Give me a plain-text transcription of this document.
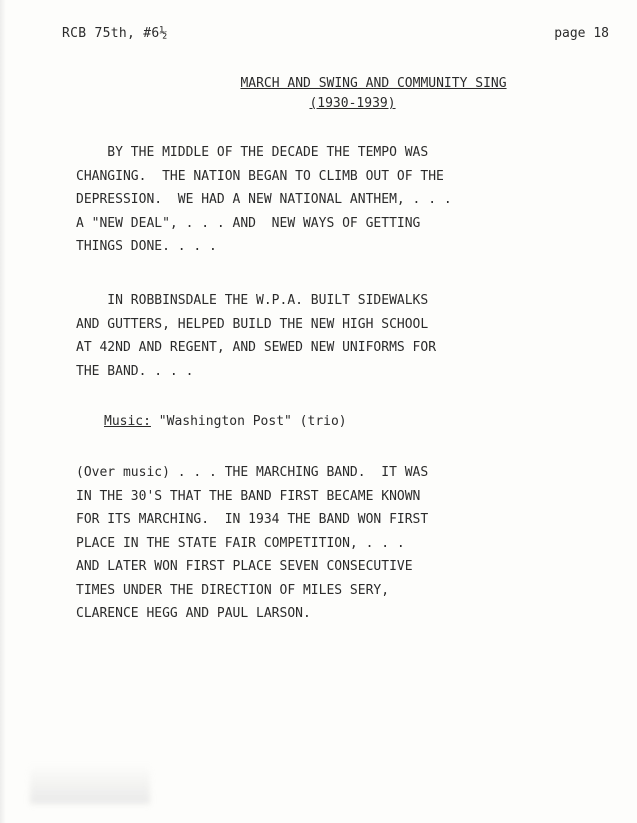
RCB 75th, #6½	page 18
MARCH AND SWING AND COMMUNITY SING
(1930-1939)
BY THE MIDDLE OF THE DECADE THE TEMPO WAS
CHANGING.  THE NATION BEGAN TO CLIMB OUT OF THE
DEPRESSION.  WE HAD A NEW NATIONAL ANTHEM, . . .
A "NEW DEAL", . . . AND  NEW WAYS OF GETTING
THINGS DONE. . . .
IN ROBBINSDALE THE W.P.A. BUILT SIDEWALKS
AND GUTTERS, HELPED BUILD THE NEW HIGH SCHOOL
AT 42ND AND REGENT, AND SEWED NEW UNIFORMS FOR
THE BAND. . . .
Music: "Washington Post" (trio)
(Over music) . . . THE MARCHING BAND.  IT WAS
IN THE 30'S THAT THE BAND FIRST BECAME KNOWN
FOR ITS MARCHING.  IN 1934 THE BAND WON FIRST
PLACE IN THE STATE FAIR COMPETITION, . . .
AND LATER WON FIRST PLACE SEVEN CONSECUTIVE
TIMES UNDER THE DIRECTION OF MILES SERY,
CLARENCE HEGG AND PAUL LARSON.
